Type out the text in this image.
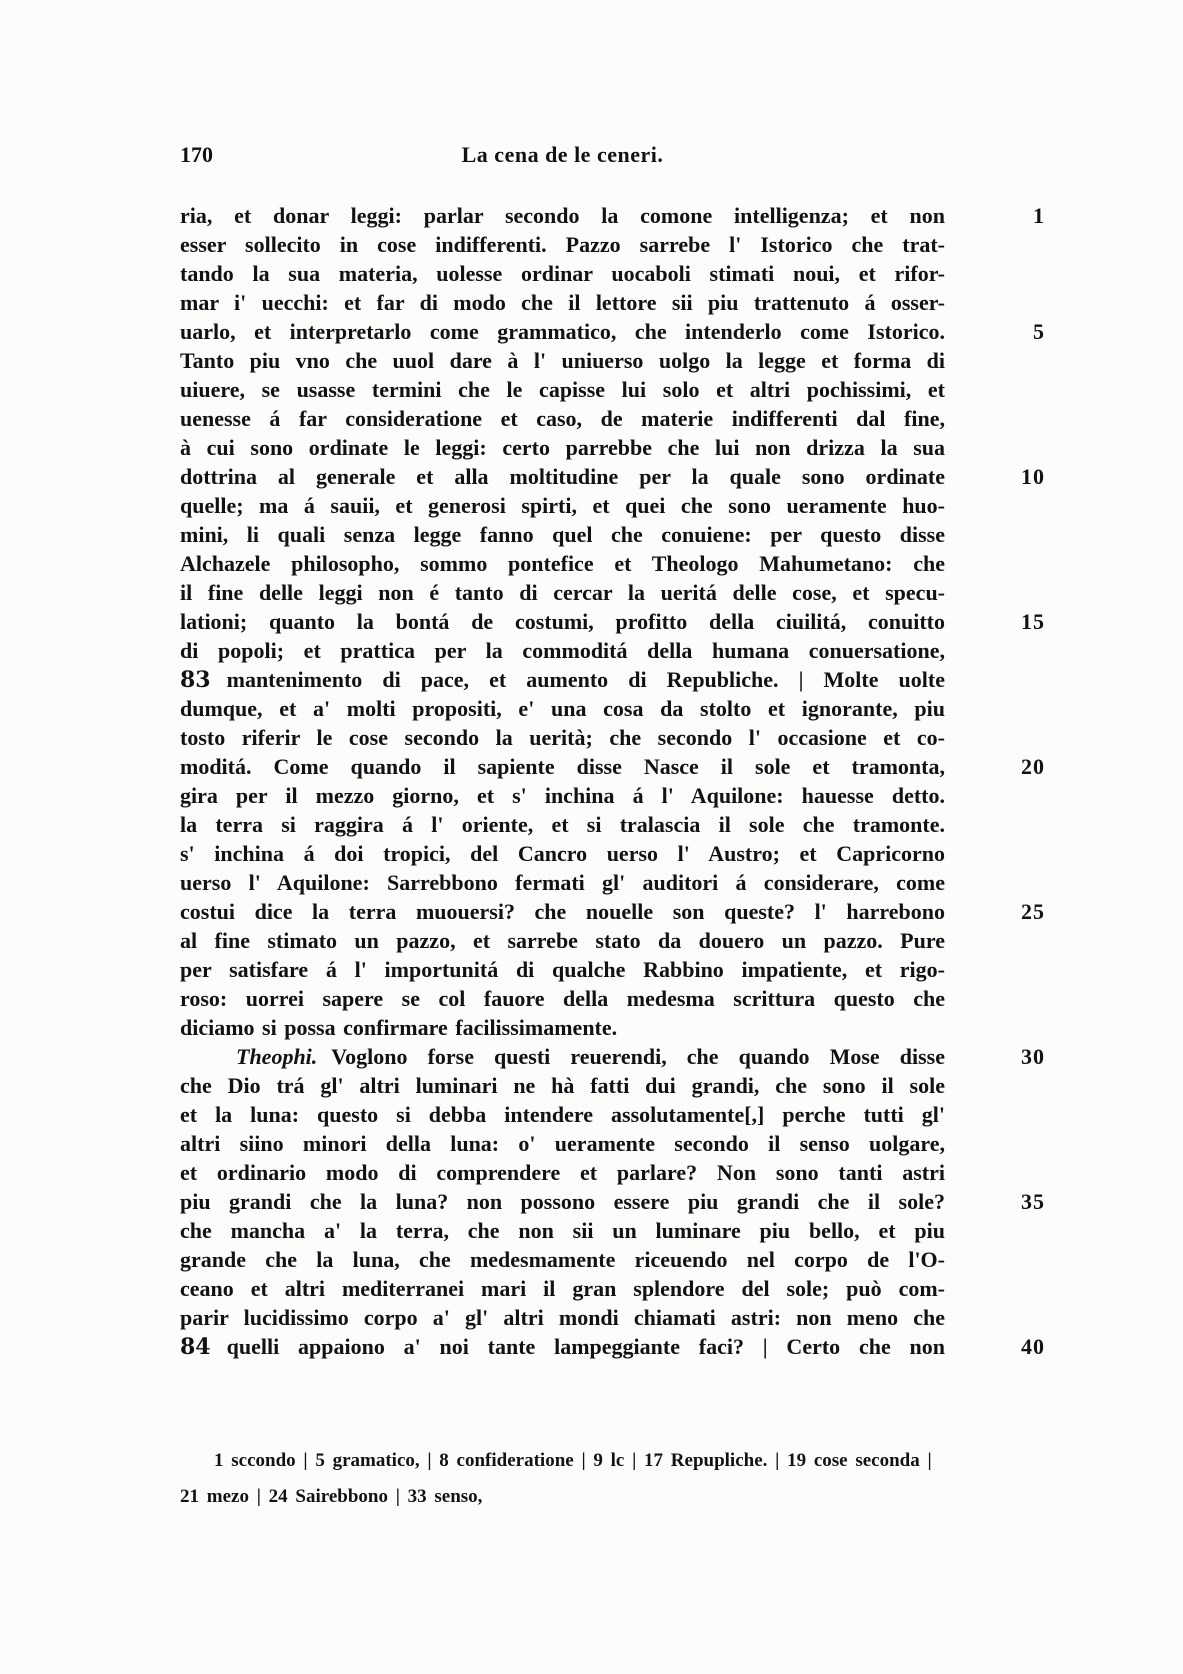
170	La cena de le ceneri.
ria, et donar leggi: parlar secondo la comone intelligenza; et non	1
esser sollecito in cose indifferenti. Pazzo sarrebe l' Istorico che trat-
tando la sua materia, uolesse ordinar uocaboli stimati noui, et rifor-
mar i' uecchi: et far di modo che il lettore sii piu trattenuto á osser-
uarlo, et interpretarlo come grammatico, che intenderlo come Istorico.	5
Tanto piu vno che uuol dare à l' uniuerso uolgo la legge et forma di
uiuere, se usasse termini che le capisse lui solo et altri pochissimi, et
uenesse á far consideratione et caso, de materie indifferenti dal fine,
à cui sono ordinate le leggi: certo parrebbe che lui non drizza la sua
dottrina al generale et alla moltitudine per la quale sono ordinate	10
quelle; ma á sauii, et generosi spirti, et quei che sono ueramente huo-
mini, li quali senza legge fanno quel che conuiene: per questo disse
Alchazele philosopho, sommo pontefice et Theologo Mahumetano: che
il fine delle leggi non é tanto di cercar la ueritá delle cose, et specu-
lationi; quanto la bontá de costumi, profitto della ciuilitá, conuitto	15
di popoli; et prattica per la commoditá della humana conuersatione,
83 mantenimento di pace, et aumento di Republiche. | Molte uolte
dumque, et a' molti propositi, e' una cosa da stolto et ignorante, piu
tosto riferir le cose secondo la uerità; che secondo l' occasione et co-
moditá. Come quando il sapiente disse Nasce il sole et tramonta,	20
gira per il mezzo giorno, et s' inchina á l' Aquilone: hauesse detto.
la terra si raggira á l' oriente, et si tralascia il sole che tramonte.
s' inchina á doi tropici, del Cancro uerso l' Austro; et Capricorno
uerso l' Aquilone: Sarrebbono fermati gl' auditori á considerare, come
costui dice la terra muouersi? che nouelle son queste? l' harrebono	25
al fine stimato un pazzo, et sarrebe stato da douero un pazzo. Pure
per satisfare á l' importunitá di qualche Rabbino impatiente, et rigo-
roso: uorrei sapere se col fauore della medesma scrittura questo che
diciamo si possa confirmare facilissimamente.
Theophi. Voglono forse questi reuerendi, che quando Mose disse	30
che Dio trá gl' altri luminari ne hà fatti dui grandi, che sono il sole
et la luna: questo si debba intendere assolutamente[,] perche tutti gl'
altri siino minori della luna: o' ueramente secondo il senso uolgare,
et ordinario modo di comprendere et parlare? Non sono tanti astri
piu grandi che la luna? non possono essere piu grandi che il sole?	35
che mancha a' la terra, che non sii un luminare piu bello, et piu
grande che la luna, che medesmamente riceuendo nel corpo de l'O-
ceano et altri mediterranei mari il gran splendore del sole; può com-
parir lucidissimo corpo a' gl' altri mondi chiamati astri: non meno che
84 quelli appaiono a' noi tante lampeggiante faci? | Certo che non	40
1 sccondo | 5 gramatico, | 8 confideratione | 9 lc | 17 Repupliche. | 19 cose seconda |
21 mezo | 24 Sairebbono | 33 senso,
